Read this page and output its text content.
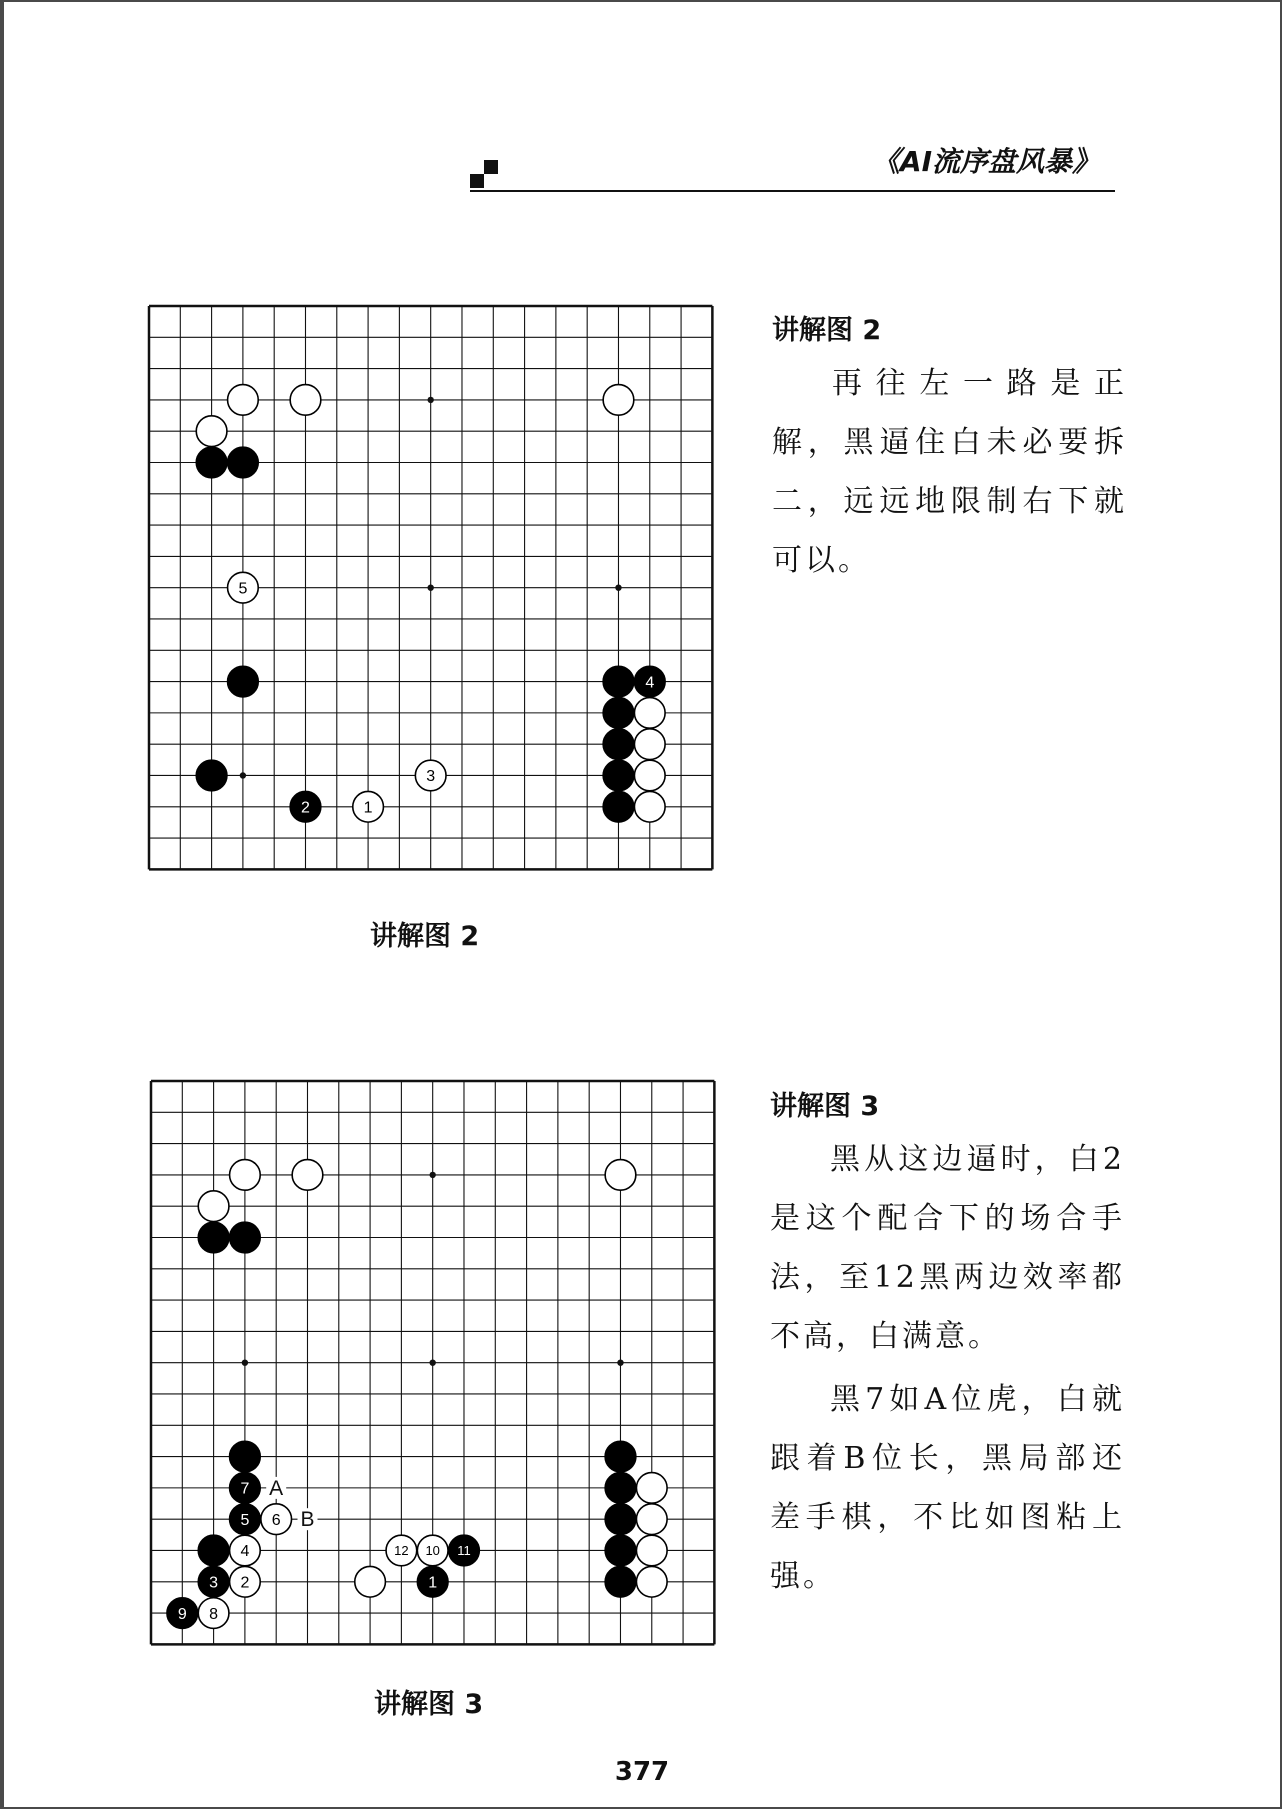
《AI流序盘风暴》
5
4
3
2	1
讲解图 2
讲解图 2

再往左一路是正解，黑逼住白未必要拆二，远远地限制右下就可以。

7
5 6
4	12 10 11
3 2	1
9 8
A
B
讲解图 3
讲解图 3

黑从这边逼时，白2是这个配合下的场合手法，至12黑两边效率都不高，白满意。

黑7如A位虎，白就跟着B位长，黑局部还差手棋，不比如图粘上强。

377
